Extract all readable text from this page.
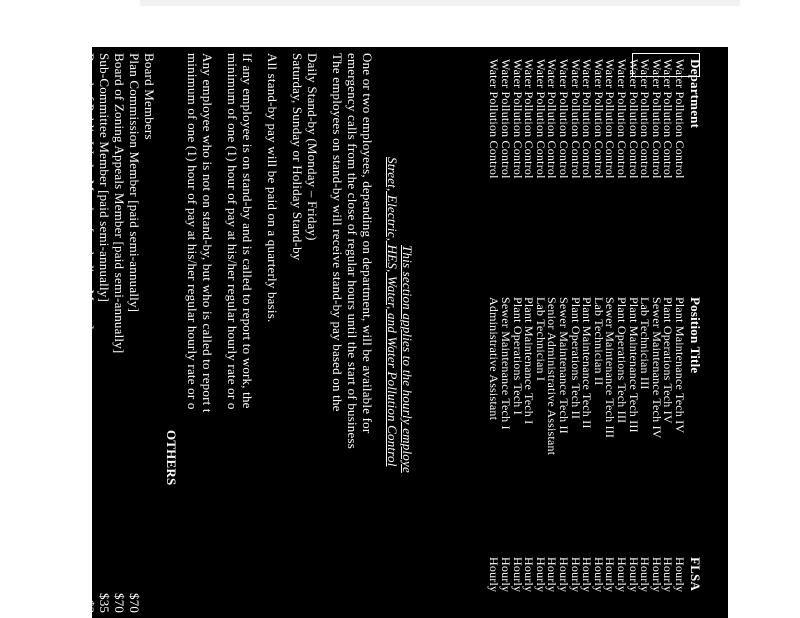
Department
Position Title
FLSA
Water Pollution Control
Plant Maintenance Tech IV
Hourly
Water Pollution Control
Plant Operations Tech IV
Hourly
Water Pollution Control
Sewer Maintenance Tech IV
Hourly
Water Pollution Control
Lab Technician III
Hourly
Water Pollution Control
Plant Maintenance Tech III
Hourly
Water Pollution Control
Plant Operations Tech III
Hourly
Water Pollution Control
Sewer Maintenance Tech III
Hourly
Water Pollution Control
Lab Technician II
Hourly
Water Pollution Control
Plant Maintenance Tech II
Hourly
Water Pollution Control
Plant Operations Tech II
Hourly
Water Pollution Control
Sewer Maintenance Tech II
Hourly
Water Pollution Control
Senior Administrative Assistant
Hourly
Water Pollution Control
Lab Technician I
Hourly
Water Pollution Control
Plant Maintenance Tech I
Hourly
Water Pollution Control
Plant Operations Tech I
Hourly
Water Pollution Control
Sewer Maintenance Tech I
Hourly
Water Pollution Control
Administrative Assistant
Hourly
This section applies to the hourly employe
Street, Electric, HES, Water, and Water Pollution Control
One or two employees, depending on department, will be available for
emergency calls from the close of regular hours until the start of business
The employees on stand-by will receive stand-by pay based on the
Daily Stand-by (Monday – Friday)
Saturday, Sunday or Holiday Stand-by
All stand-by pay will be paid on a quarterly basis.
If any employee is on stand-by and is called to report to work, the
minimum of one (1) hour of pay at his/her regular hourly rate or o
Any employee who is not on stand-by, but who is called to report t
minimum of one (1) hour of pay at his/her regular hourly rate or o
OTHERS
Board Members
Plan Commission Member [paid semi-annually]
$70
Board of Zoning Appeals Member [paid semi-annually]
$70
Sub-Committee Member [paid semi-annually]
$35
Board of Public Works Member [excluding Mayor]
$3
